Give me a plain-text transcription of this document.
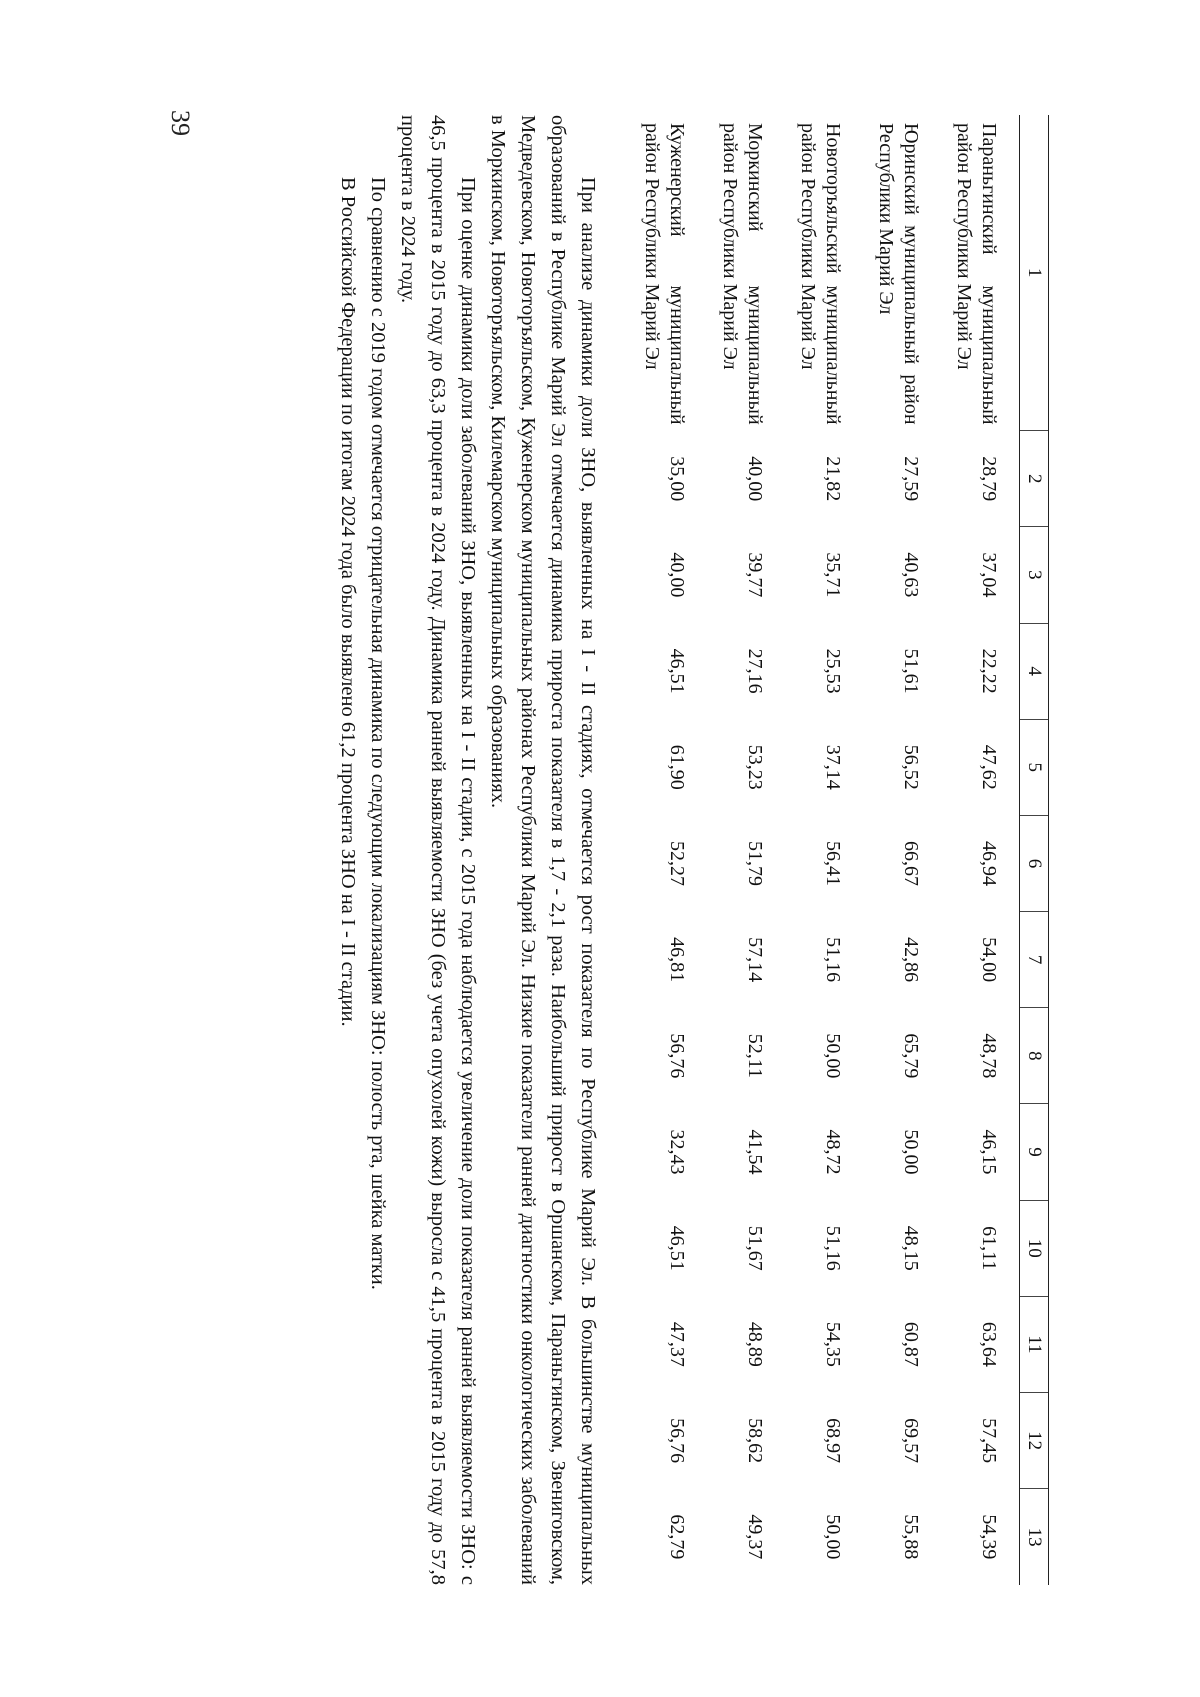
39
1	2	3	4	5	6	7	8	9	10	11	12	13

Параньгинский муниципальный район Республики Марий Эл	28,79	37,04	22,22	47,62	46,94	54,00	48,78	46,15	61,11	63,64	57,45	54,39

Юринский муниципальный район Республики Марий Эл	27,59	40,63	51,61	56,52	66,67	42,86	65,79	50,00	48,15	60,87	69,57	55,88

Новоторъяльский муниципальный район Республики Марий Эл	21,82	35,71	25,53	37,14	56,41	51,16	50,00	48,72	51,16	54,35	68,97	50,00

Моркинский муниципальный район Республики Марий Эл	40,00	39,77	27,16	53,23	51,79	57,14	52,11	41,54	51,67	48,89	58,62	49,37

Куженерский муниципальный район Республики Марий Эл	35,00	40,00	46,51	61,90	52,27	46,81	56,76	32,43	46,51	47,37	56,76	62,79

При анализе динамики доли ЗНО, выявленных на I - II стадиях, отмечается рост показателя по Республике Марий Эл. В большинстве муниципальных образований в Республике Марий Эл отмечается динамика прироста показателя в 1,7 - 2,1 раза. Наибольший прирост в Оршанском, Параньгинском, Звениговском, Медведевском, Новоторъяльском, Куженерском муниципальных районах Республики Марий Эл. Низкие показатели ранней диагностики онкологических заболеваний в Моркинском, Новоторъяльском, Килемарском муниципальных образованиях.

При оценке динамики доли заболеваний ЗНО, выявленных на I - II стадии, с 2015 года наблюдается увеличение доли показателя ранней выявляемости ЗНО: с 46,5 процента в 2015 году до 63,3 процента в 2024 году. Динамика ранней выявляемости ЗНО (без учета опухолей кожи) выросла с 41,5 процента в 2015 году до 57,8 процента в 2024 году.

По сравнению с 2019 годом отмечается отрицательная динамика по следующим локализациям ЗНО: полость рта, шейка матки.

В Российской Федерации по итогам 2024 года было выявлено 61,2 процента ЗНО на I - II стадии.
